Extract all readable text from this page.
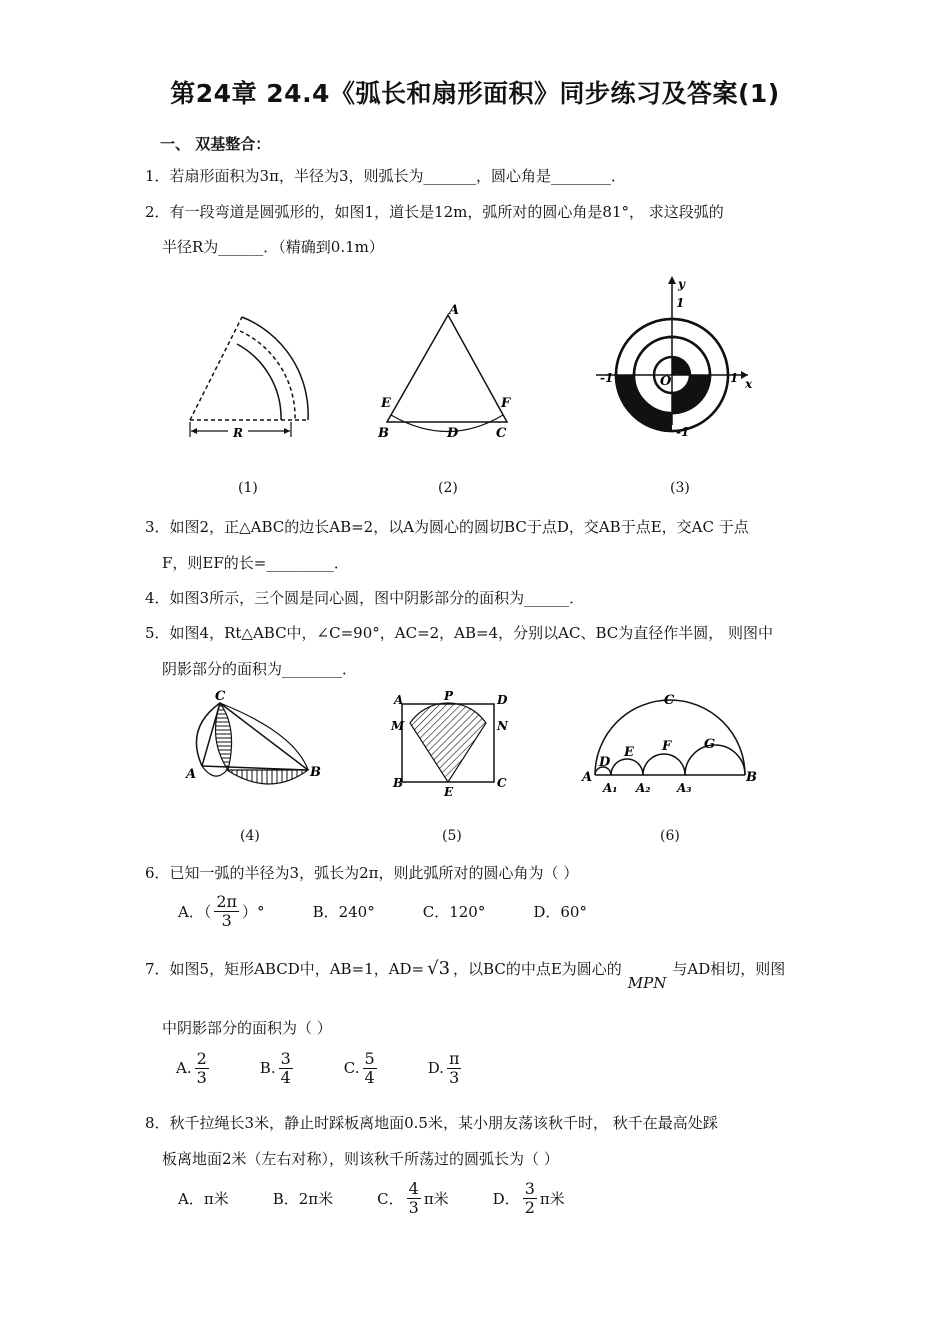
第24章 24.4《弧长和扇形面积》同步练习及答案(1)
一、 双基整合：
1．若扇形面积为3π，半径为3，则弧长为_______，圆心角是________．
2．有一段弯道是圆弧形的，如图1，道长是12m，弧所对的圆心角是81°， 求这段弧的
半径R为______．（精确到0.1m）
R
(1)
A
B	C
D
E	F
(2)
y
x
O
1
-1
-1	1
(3)
3．如图2，正△ABC的边长AB=2，以A为圆心的圆切BC于点D，交AB于点E，交AC 于点
F，则EF的长=_________．
4．如图3所示，三个圆是同心圆，图中阴影部分的面积为______．
5．如图4，Rt△ABC中，∠C=90°，AC=2，AB=4，分别以AC、BC为直径作半圆， 则图中
阴影部分的面积为________．
C
A	B
(4)
A	P	D
M	N
B
E
C
(5)
C
E F	G
D
A	B
A₁ A₂ A₃
(6)
6．已知一弧的半径为3，弧长为2π，则此弧所对的圆心角为（ ）
A．（ $\frac{2\pi}{3}$ ）°	B．240°	C．120°	D．60°
7．如图5，矩形ABCD中，AB=1，AD= √3 ，以BC的中点E为圆心的
MPN
与AD相切，则图
中阴影部分的面积为（ ）
A. $\frac{2}{3}$	B. $\frac{3}{4}$	C. $\frac{5}{4}$	D. $\frac{\pi}{3}$
8．秋千拉绳长3米，静止时踩板离地面0.5米，某小朋友荡该秋千时， 秋千在最高处踩
板离地面2米（左右对称），则该秋千所荡过的圆弧长为（ ）
A．π米	B．2π米	C． $\frac{4}{3}$ π米	D． $\frac{3}{2}$ π米
